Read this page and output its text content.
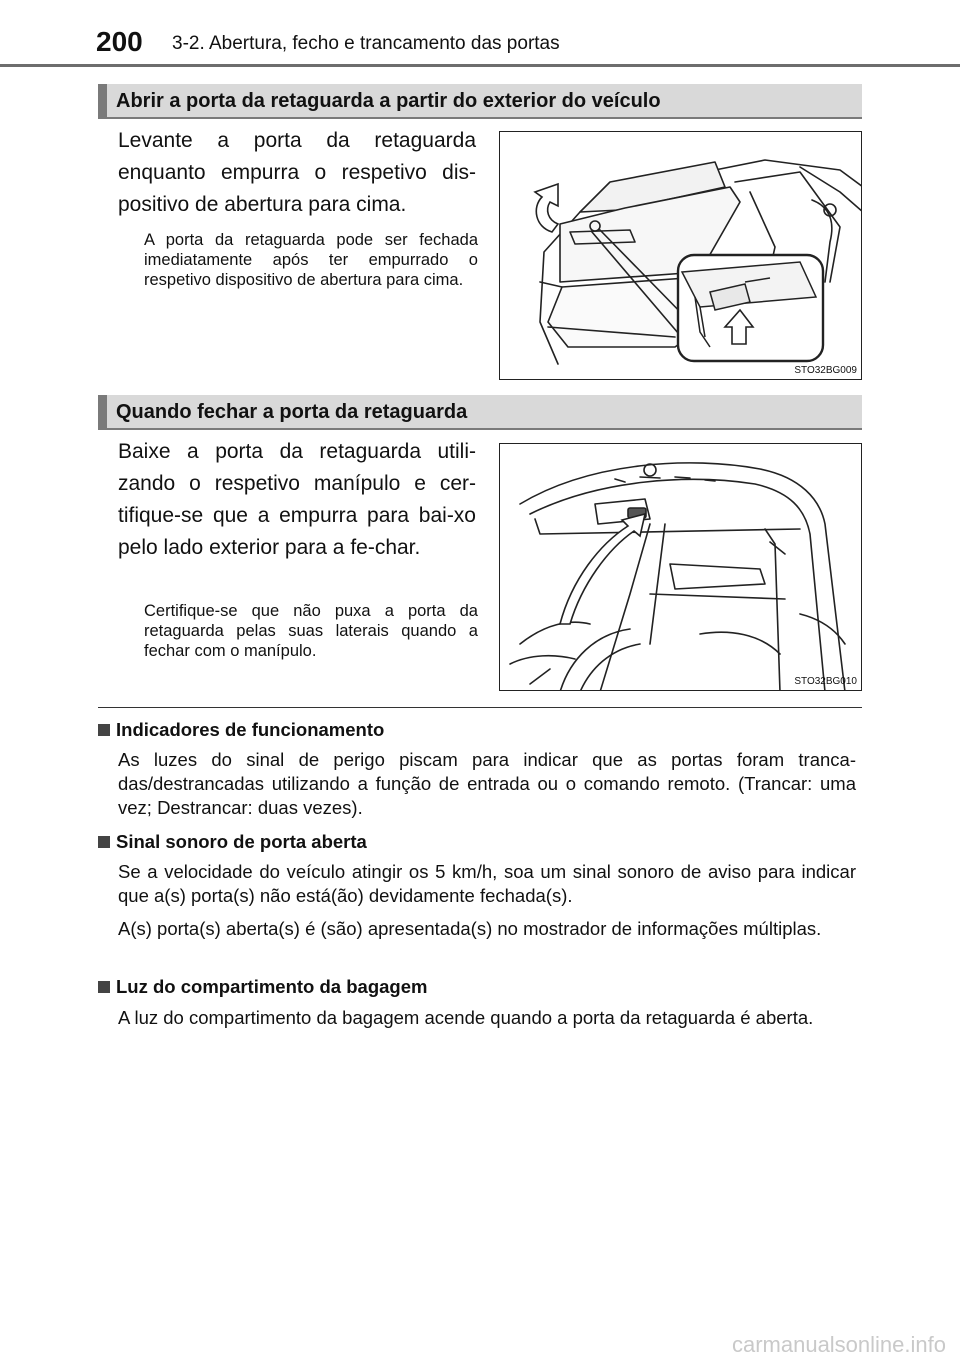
200 3-2. Abertura, fecho e trancamento das portas
Abrir a porta da retaguarda a partir do exterior do veículo
Levante a porta da retaguarda enquanto empurra o respetivo dis-positivo de abertura para cima.
A porta da retaguarda pode ser fechada imediatamente após ter empurrado o respetivo dispositivo de abertura para cima.
STO32BG009
Quando fechar a porta da retaguarda
Baixe a porta da retaguarda utili-zando o respetivo manípulo e cer-tifique-se que a empurra para bai-xo pelo lado exterior para a fe-char.
Certifique-se que não puxa a porta da retaguarda pelas suas laterais quando a fechar com o manípulo.
STO32BG010
Indicadores de funcionamento
As luzes do sinal de perigo piscam para indicar que as portas foram tranca-das/destrancadas utilizando a função de entrada ou o comando remoto. (Trancar: uma vez; Destrancar: duas vezes).
Sinal sonoro de porta aberta
Se a velocidade do veículo atingir os 5 km/h, soa um sinal sonoro de aviso para indicar que a(s) porta(s) não está(ão) devidamente fechada(s).
A(s) porta(s) aberta(s) é (são) apresentada(s) no mostrador de informações múltiplas.
Luz do compartimento da bagagem
A luz do compartimento da bagagem acende quando a porta da retaguarda é aberta.
carmanualsonline.info
